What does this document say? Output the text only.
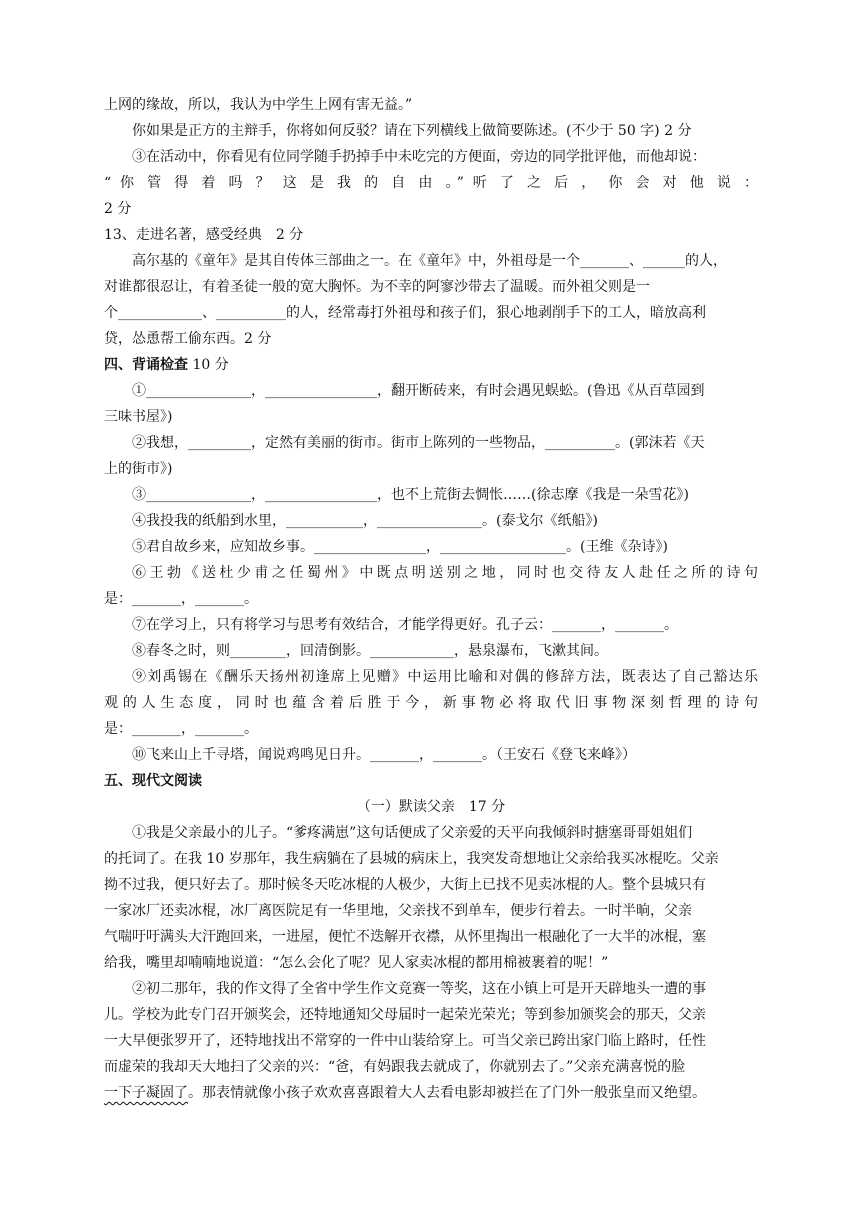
上网的缘故，所以，我认为中学生上网有害无益。”
你如果是正方的主辩手，你将如何反驳？请在下列横线上做简要陈述。(不少于 50 字) 2 分
③在活动中，你看见有位同学随手扔掉手中未吃完的方便面，旁边的同学批评他，而他却说：
“ 你 管 得 着 吗 ？ 这 是 我 的 自 由 。” 听 了 之 后 ， 你 会 对 他 说 ：
2 分
13、走进名著，感受经典　2 分
高尔基的《童年》是其自传体三部曲之一。在《童年》中，外祖母是一个_______、______的人，
对谁都很忍让，有着圣徒一般的宽大胸怀。为不幸的阿寥沙带去了温暖。而外祖父则是一
个____________、__________的人，经常毒打外祖母和孩子们，狠心地剥削手下的工人，暗放高利
贷，怂恿帮工偷东西。2 分
四、背诵检查 10 分
①_______________，________________，翻开断砖来，有时会遇见蜈蚣。(鲁迅《从百草园到
三味书屋》)
②我想，_________，定然有美丽的街市。街市上陈列的一些物品，__________。(郭沫若《天
上的街市》)
③_______________，________________，也不上荒街去惆怅……(徐志摩《我是一朵雪花》)
④我投我的纸船到水里，___________，_______________。(泰戈尔《纸船》)
⑤君自故乡来，应知故乡事。________________，__________________。(王维《杂诗》)
⑥王勃《送杜少甫之任蜀州》中既点明送别之地，同时也交待友人赴任之所的诗句
是：_______，_______。
⑦在学习上，只有将学习与思考有效结合，才能学得更好。孔子云：_______，_______。
⑧春冬之时，则________，回清倒影。____________，悬泉瀑布，飞漱其间。
⑨刘禹锡在《酬乐天扬州初逢席上见赠》中运用比喻和对偶的修辞方法，既表达了自己豁达乐
观 的 人 生 态 度 ， 同 时 也 蕴 含 着 后 胜 于 今 ， 新 事 物 必 将 取 代 旧 事 物 深 刻 哲 理 的 诗 句
是：_______，_______。
⑩飞来山上千寻塔，闻说鸡鸣见日升。_______，_______。（王安石《登飞来峰》）
五、现代文阅读
（一）默读父亲　17 分
①我是父亲最小的儿子。“爹疼满崽”这句话便成了父亲爱的天平向我倾斜时搪塞哥哥姐姐们
的托词了。在我 10 岁那年，我生病躺在了县城的病床上，我突发奇想地让父亲给我买冰棍吃。父亲
拗不过我，便只好去了。那时候冬天吃冰棍的人极少，大街上已找不见卖冰棍的人。整个县城只有
一家冰厂还卖冰棍，冰厂离医院足有一华里地，父亲找不到单车，便步行着去。一时半晌，父亲
气喘吁吁满头大汗跑回来，一进屋，便忙不迭解开衣襟，从怀里掏出一根融化了一大半的冰棍，塞
给我，嘴里却喃喃地说道：“怎么会化了呢？见人家卖冰棍的都用棉被裹着的呢！”
②初二那年，我的作文得了全省中学生作文竞赛一等奖，这在小镇上可是开天辟地头一遭的事
儿。学校为此专门召开颁奖会，还特地通知父母届时一起荣光荣光；等到参加颁奖会的那天，父亲
一大早便张罗开了，还特地找出不常穿的一件中山装给穿上。可当父亲已跨出家门临上路时，任性
而虚荣的我却天大地扫了父亲的兴：“爸，有妈跟我去就成了，你就别去了。”父亲充满喜悦的脸
一下子凝固了。那表情就像小孩子欢欢喜喜跟着大人去看电影却被拦在了门外一般张皇而又绝望。
